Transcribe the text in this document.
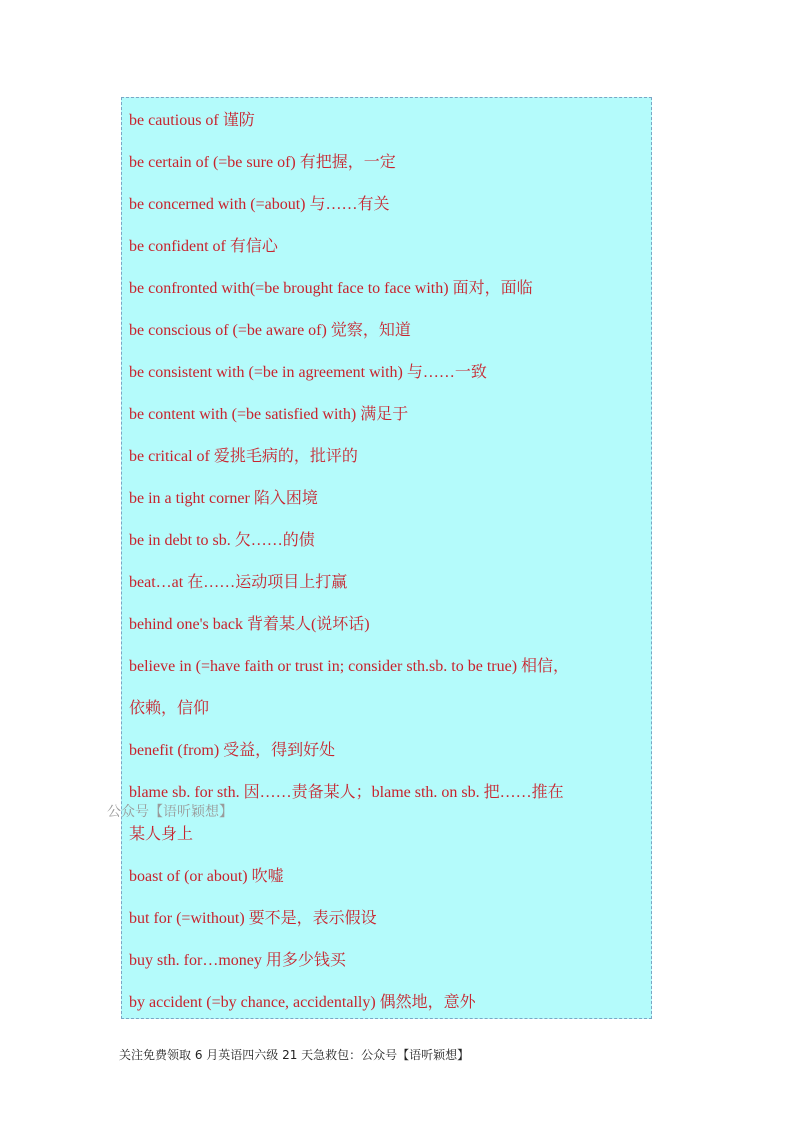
be cautious of 谨防
be certain of (=be sure of) 有把握，一定
be concerned with (=about) 与……有关
be confident of 有信心
be confronted with(=be brought face to face with) 面对，面临
be conscious of (=be aware of) 觉察，知道
be consistent with (=be in agreement with) 与……一致
be content with (=be satisfied with) 满足于
be critical of 爱挑毛病的，批评的
be in a tight corner 陷入困境
be in debt to sb. 欠……的债
beat…at 在……运动项目上打赢
behind one's back 背着某人(说坏话)
believe in (=have faith or trust in; consider sth.sb. to be true) 相信，
依赖，信仰
benefit (from) 受益，得到好处
blame sb. for sth. 因……责备某人；blame sth. on sb. 把……推在
某人身上
boast of (or about) 吹嘘
but for (=without) 要不是，表示假设
buy sth. for…money 用多少钱买
by accident (=by chance, accidentally) 偶然地，意外
公众号【语听颖想】
关注免费领取 6 月英语四六级 21 天急救包：公众号【语听颖想】
